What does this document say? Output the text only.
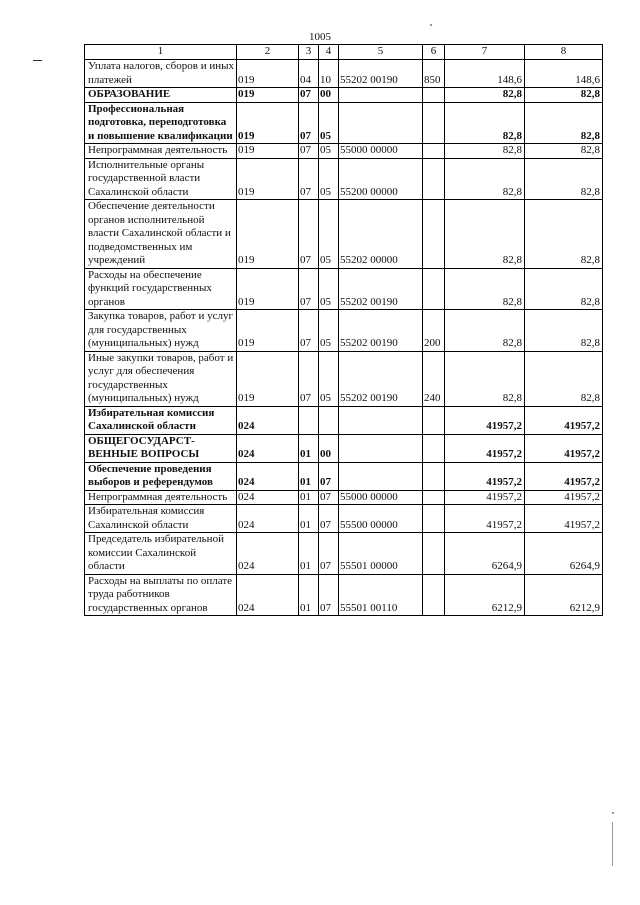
1005
1	2	3	4	5	6	7	8
Уплата налогов, сборов и иных платежей	019	04	10	55202 00190	850	148,6	148,6
ОБРАЗОВАНИЕ	019	07	00			82,8	82,8
Профессиональная подготовка, переподготовка и повышение квалификации	019	07	05			82,8	82,8
Непрограммная деятельность	019	07	05	55000 00000		82,8	82,8
Исполнительные органы государственной власти Сахалинской области	019	07	05	55200 00000		82,8	82,8
Обеспечение деятельности органов исполнительной власти Сахалинской области и подведомственных им учреждений	019	07	05	55202 00000		82,8	82,8
Расходы на обеспечение функций государственных органов	019	07	05	55202 00190		82,8	82,8
Закупка товаров, работ и услуг для государственных (муниципальных) нужд	019	07	05	55202 00190	200	82,8	82,8
Иные закупки товаров, работ и услуг для обеспечения государственных (муниципальных) нужд	019	07	05	55202 00190	240	82,8	82,8
Избирательная комиссия Сахалинской области	024					41957,2	41957,2
ОБЩЕГОСУДАРСТ- ВЕННЫЕ ВОПРОСЫ	024	01	00			41957,2	41957,2
Обеспечение проведения выборов и референдумов	024	01	07			41957,2	41957,2
Непрограммная деятельность	024	01	07	55000 00000		41957,2	41957,2
Избирательная комиссия Сахалинской области	024	01	07	55500 00000		41957,2	41957,2
Председатель избирательной комиссии Сахалинской области	024	01	07	55501 00000		6264,9	6264,9
Расходы на выплаты по оплате труда работников государственных органов	024	01	07	55501 00110		6212,9	6212,9
